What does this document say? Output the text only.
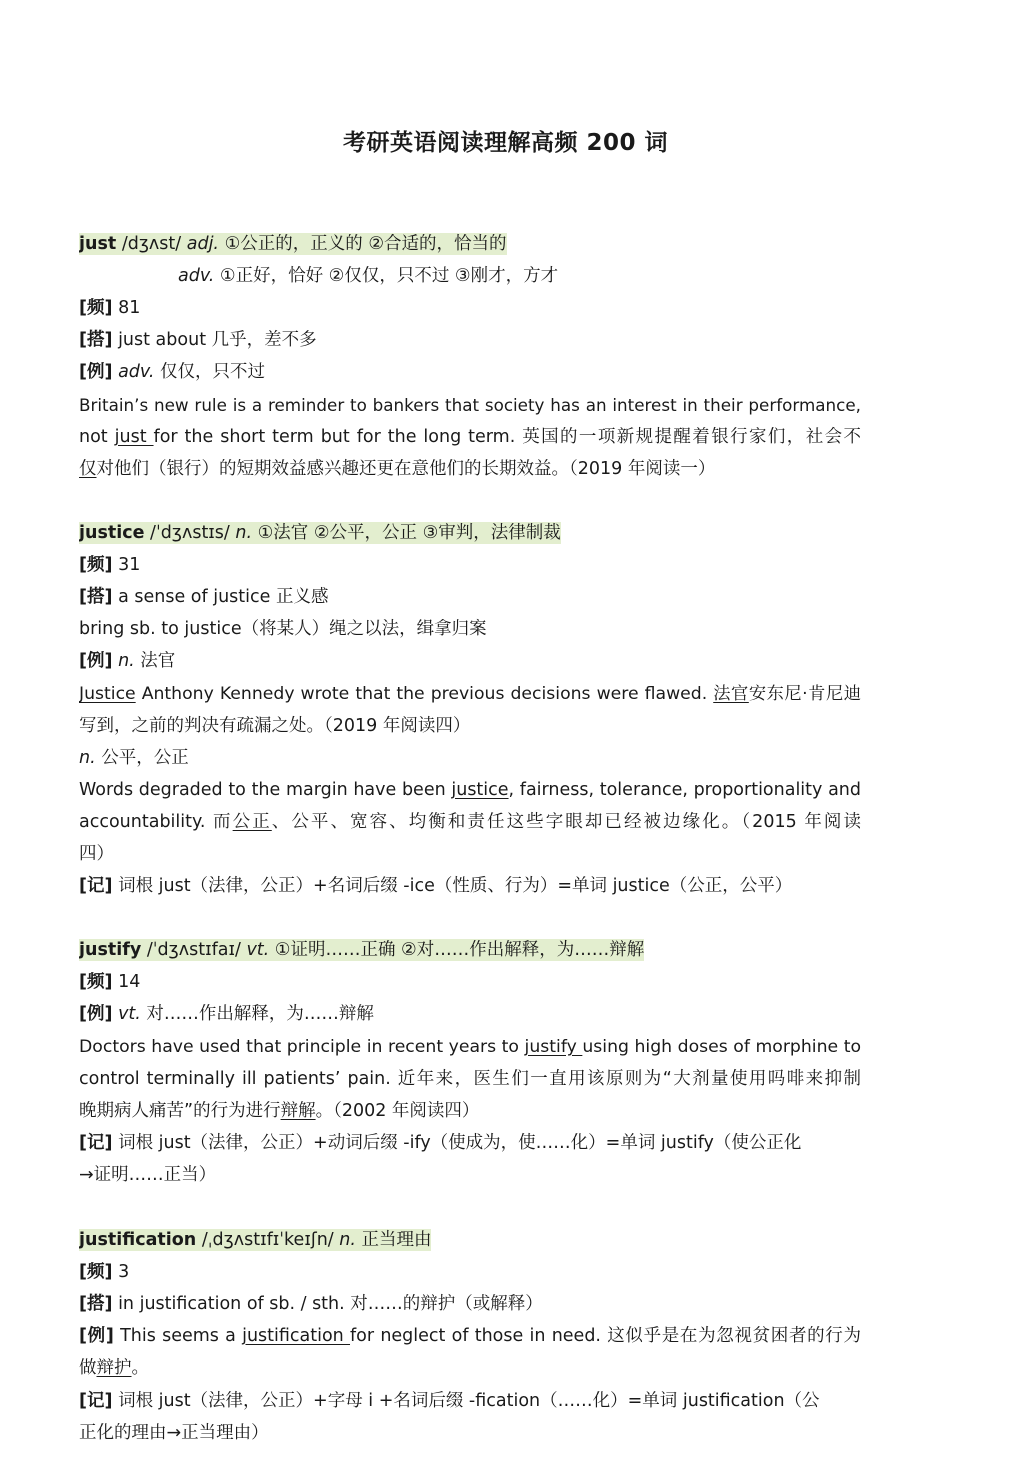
考研英语阅读理解高频 200 词
just /dʒʌst/ adj. ①公正的，正义的 ②合适的，恰当的
adv. ①正好，恰好 ②仅仅，只不过 ③刚才，方才
[频] 81
[搭] just about 几乎，差不多
[例] adv. 仅仅，只不过
Britain’s new rule is a reminder to bankers that society has an interest in their performance,
not just for the short term but for the long term. 英国的一项新规提醒着银行家们，社会不
仅对他们（银行）的短期效益感兴趣还更在意他们的长期效益。（2019 年阅读一）
justice /ˈdʒʌstɪs/ n. ①法官 ②公平，公正 ③审判，法律制裁
[频] 31
[搭] a sense of justice 正义感
bring sb. to justice（将某人）绳之以法，缉拿归案
[例] n. 法官
Justice Anthony Kennedy wrote that the previous decisions were flawed. 法官安东尼·肯尼迪
写到，之前的判决有疏漏之处。（2019 年阅读四）
n. 公平，公正
Words degraded to the margin have been justice, fairness, tolerance, proportionality and
accountability. 而公正、公平、宽容、均衡和责任这些字眼却已经被边缘化。（2015 年阅读
四）
[记] 词根 just（法律，公正）+名词后缀 -ice（性质、行为）=单词 justice（公正，公平）
justify /ˈdʒʌstɪfaɪ/ vt. ①证明……正确 ②对……作出解释，为……辩解
[频] 14
[例] vt. 对……作出解释，为……辩解
Doctors have used that principle in recent years to justify using high doses of morphine to
control terminally ill patients’ pain. 近年来，医生们一直用该原则为“大剂量使用吗啡来抑制
晚期病人痛苦”的行为进行辩解。（2002 年阅读四）
[记] 词根 just（法律，公正）+动词后缀 -ify（使成为，使……化）=单词 justify（使公正化
→证明……正当）
justification /ˌdʒʌstɪfɪˈkeɪʃn/ n. 正当理由
[频] 3
[搭] in justification of sb. / sth. 对……的辩护（或解释）
[例] This seems a justification for neglect of those in need. 这似乎是在为忽视贫困者的行为
做辩护。
[记] 词根 just（法律，公正）+字母 i +名词后缀 -fication（……化）=单词 justification（公
正化的理由→正当理由）
